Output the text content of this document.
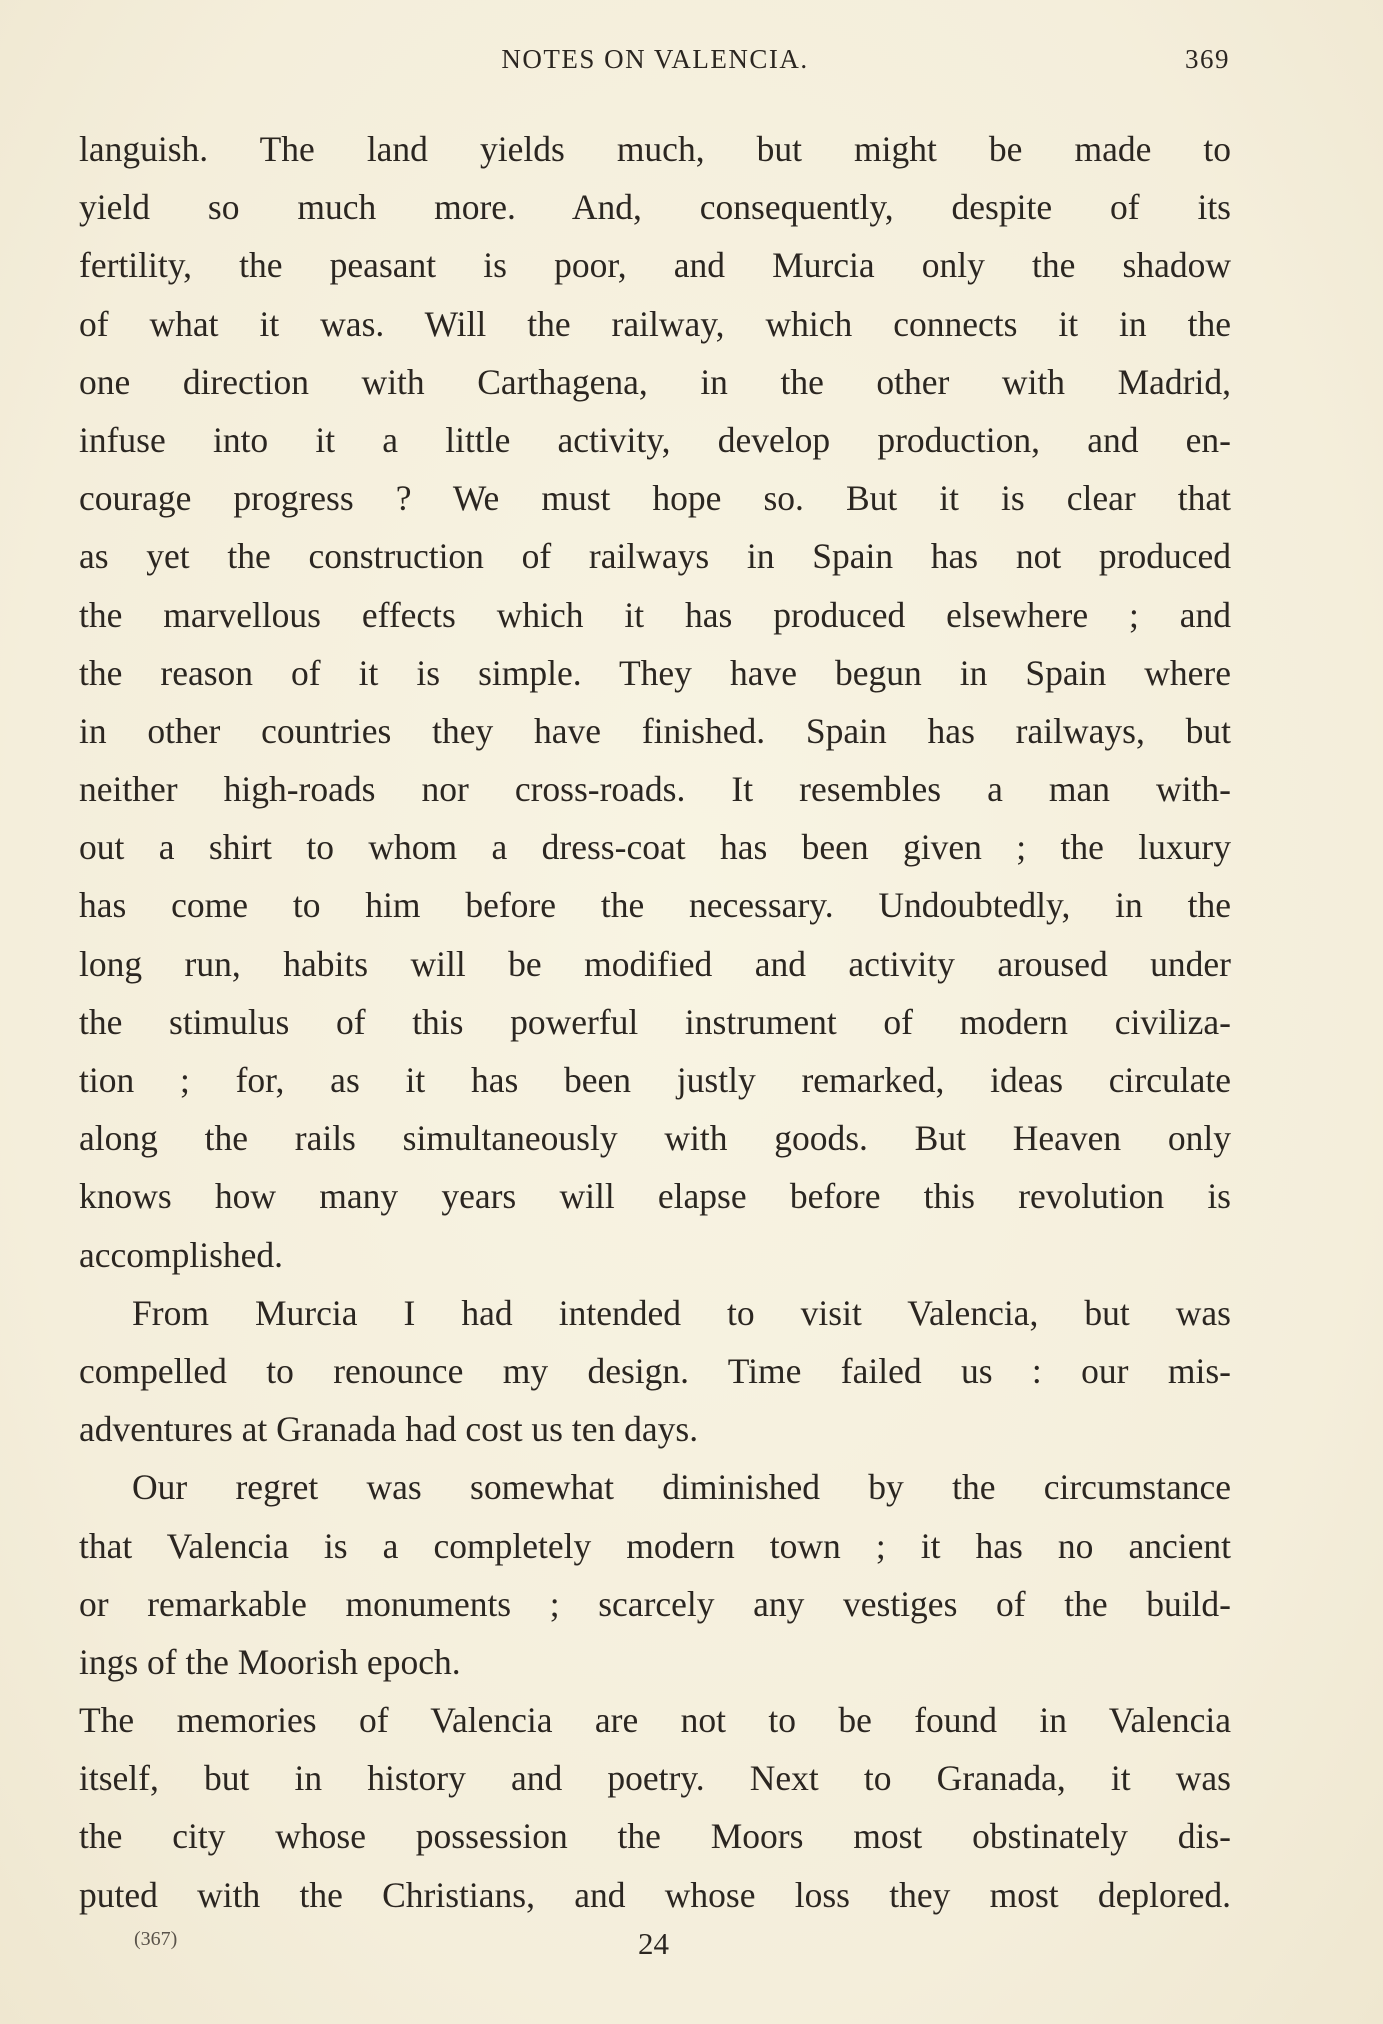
NOTES ON VALENCIA.	369
languish. The land yields much, but might be made to
yield so much more. And, consequently, despite of its
fertility, the peasant is poor, and Murcia only the shadow
of what it was. Will the railway, which connects it in the
one direction with Carthagena, in the other with Madrid,
infuse into it a little activity, develop production, and en-
courage progress ? We must hope so. But it is clear that
as yet the construction of railways in Spain has not produced
the marvellous effects which it has produced elsewhere ; and
the reason of it is simple. They have begun in Spain where
in other countries they have finished. Spain has railways, but
neither high-roads nor cross-roads. It resembles a man with-
out a shirt to whom a dress-coat has been given ; the luxury
has come to him before the necessary. Undoubtedly, in the
long run, habits will be modified and activity aroused under
the stimulus of this powerful instrument of modern civiliza-
tion ; for, as it has been justly remarked, ideas circulate
along the rails simultaneously with goods. But Heaven only
knows how many years will elapse before this revolution is
accomplished.
From Murcia I had intended to visit Valencia, but was
compelled to renounce my design. Time failed us : our mis-
adventures at Granada had cost us ten days.
Our regret was somewhat diminished by the circumstance
that Valencia is a completely modern town ; it has no ancient
or remarkable monuments ; scarcely any vestiges of the build-
ings of the Moorish epoch.
The memories of Valencia are not to be found in Valencia
itself, but in history and poetry. Next to Granada, it was
the city whose possession the Moors most obstinately dis-
puted with the Christians, and whose loss they most deplored.
(367)	24
